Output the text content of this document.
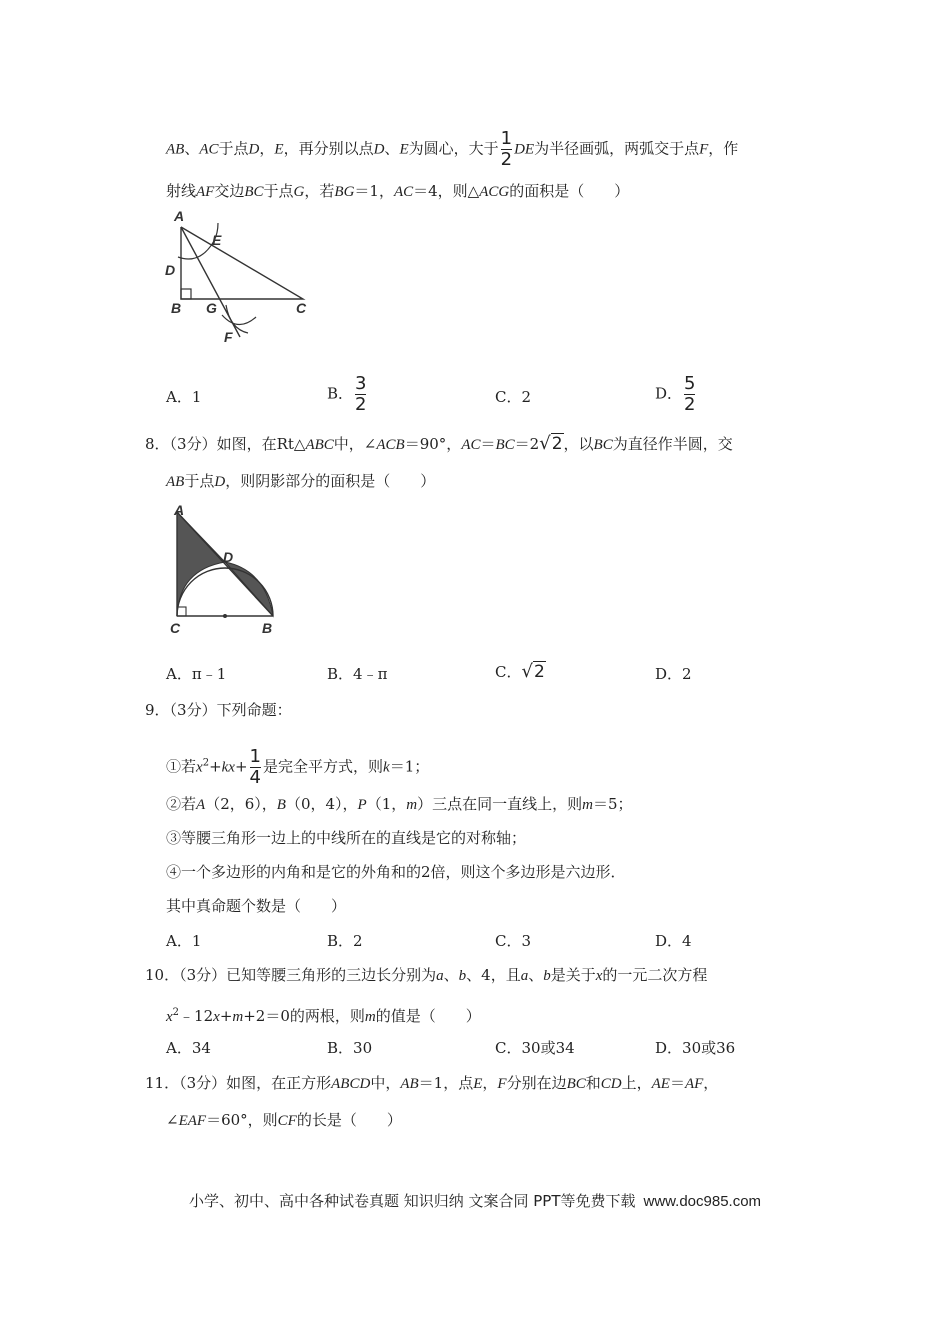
AB、AC于点D，E，再分别以点D、E为圆心，大于 $\frac{1}{2}$ DE为半径画弧，两弧交于点F，作
射线AF交边BC于点G，若BG＝1，AC＝4，则△ACG的面积是（　　）
A
E
D
B G	C
F
A．1	B． $\frac{3}{2}$	C．2	D． $\frac{5}{2}$
8．（3分）如图，在Rt△ABC中，∠ACB＝90°，AC＝BC＝2√2，以BC为直径作半圆，交
AB于点D，则阴影部分的面积是（　　）
A
D
C	B
A．π﹣1	B．4﹣π	C．√2	D．2
9．（3分）下列命题：
①若$x^2+kx+ \frac{1}{4}$ 是完全平方式，则k＝1；
②若A（2，6），B（0，4），P（1，m）三点在同一直线上，则m＝5；
③等腰三角形一边上的中线所在的直线是它的对称轴；
④一个多边形的内角和是它的外角和的2倍，则这个多边形是六边形．
其中真命题个数是（　　）
A．1	B．2	C．3	D．4
10．（3分）已知等腰三角形的三边长分别为a、b、4，且a、b是关于x的一元二次方程
$x^2﹣12x+m+2=0$的两根，则m的值是（　　）
A．34	B．30	C．30或34	D．30或36
11．（3分）如图，在正方形ABCD中，AB＝1，点E，F分别在边BC和CD上，AE＝AF，
∠EAF＝60°，则CF的长是（　　）
小学、初中、高中各种试卷真题 知识归纳 文案合同 PPT等免费下载 www.doc985.com
